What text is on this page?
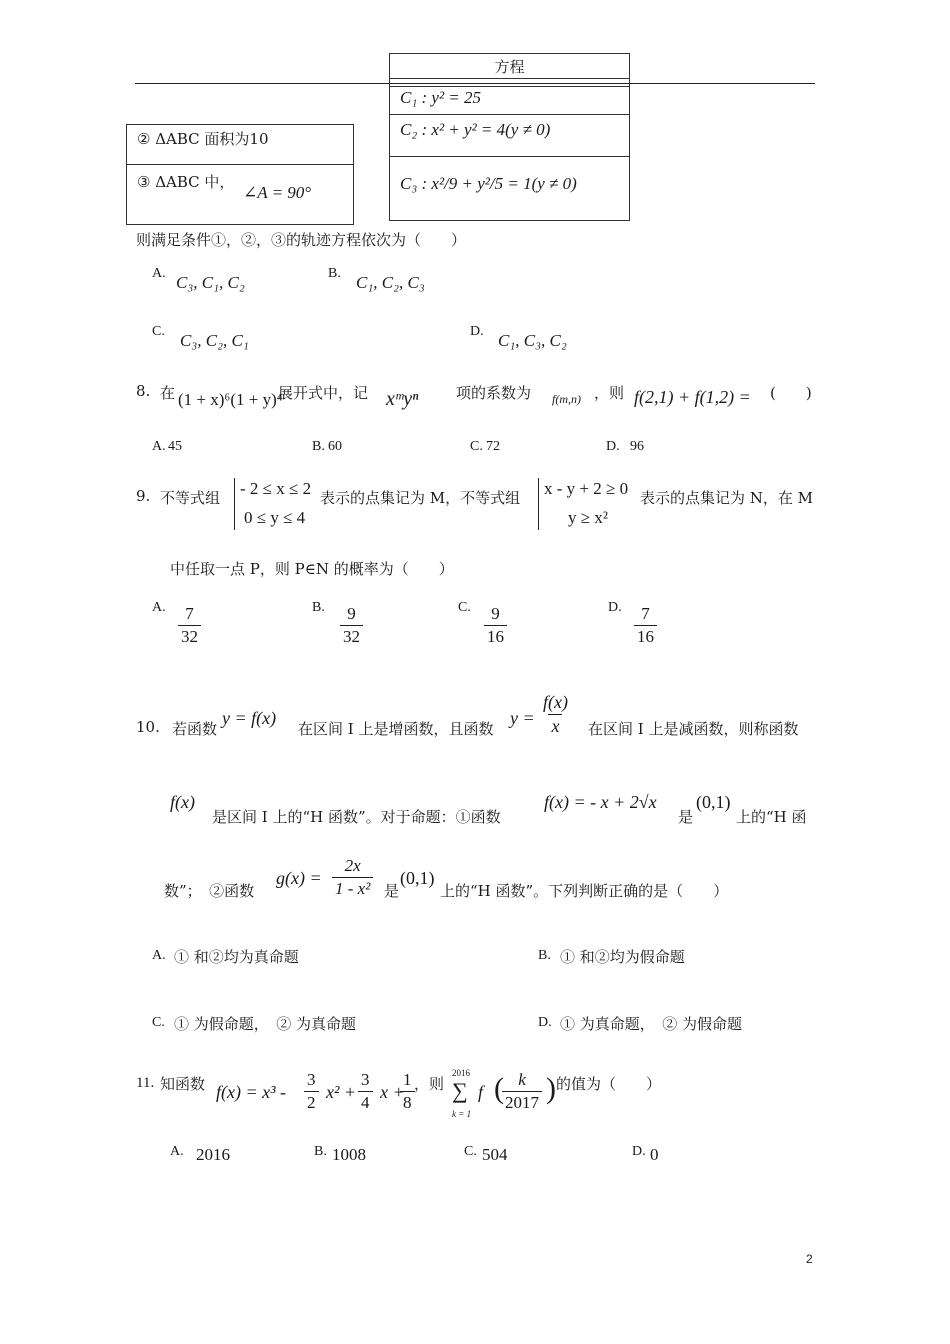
方程
C₁ : y² = 25
C₂ : x² + y² = 4(y ≠ 0)
C₃ : x²/9 + y²/5 = 1(y ≠ 0)
② ΔABC 面积为10
③ ΔABC 中，
∠A = 90°
则满足条件①，②，③的轨迹方程依次为（　　）
A. C₃, C₁, C₂	B. C₁, C₂, C₃
C. C₃, C₂, C₁	D. C₁, C₃, C₂
8. 在 (1 + x)⁶(1 + y)⁴
展开式中，记 xᵐyⁿ	项的系数为 f(m,n) ，则 f(2,1) + f(1,2) = (　　)
A. 45	B. 60	C. 72	D. 96
9. 不等式组 - 2 ≤ x ≤ 2
0 ≤ y ≤ 4
表示的点集记为 M，不等式组 x - y + 2 ≥ 0
y ≥ x²
表示的点集记为 N，在 M
中任取一点 P，则 P∈N 的概率为（　　）
A. $\frac{7}{32}$	B. $\frac{9}{32}$	C. $\frac{9}{16}$	D. $\frac{7}{16}$
10. 若函数
y = f(x)
在区间 I 上是增函数，且函数
$y = \frac{f(x)}{x}$ 在区间 I 上是减函数，则称函数
f(x)
是区间 I 上的“H 函数”。对于命题：①函数
f(x) = - x + 2√x
是
(0,1)
上的“H 函
数”；　②函数
$g(x) = \frac{2x}{\text{1 - x²}}$ 是
(0,1)
上的“H 函数”。下列判断正确的是（　　）
A. ① 和②均为真命题	B. ① 和②均为假命题
C. ① 为假命题，　② 为真命题	D. ① 为真命题，　② 为假命题
11. 知函数 $f(x) = x^3 - \frac{3}{2} x^2 + \frac{3}{4}$ x +
$\frac{1}{8}$ ，则
2016
∑
k = 1
f (
$\frac{k}{2017}$ ) 的值为（　　）
A. 2016	B. 1008	C. 504	D. 0
2
